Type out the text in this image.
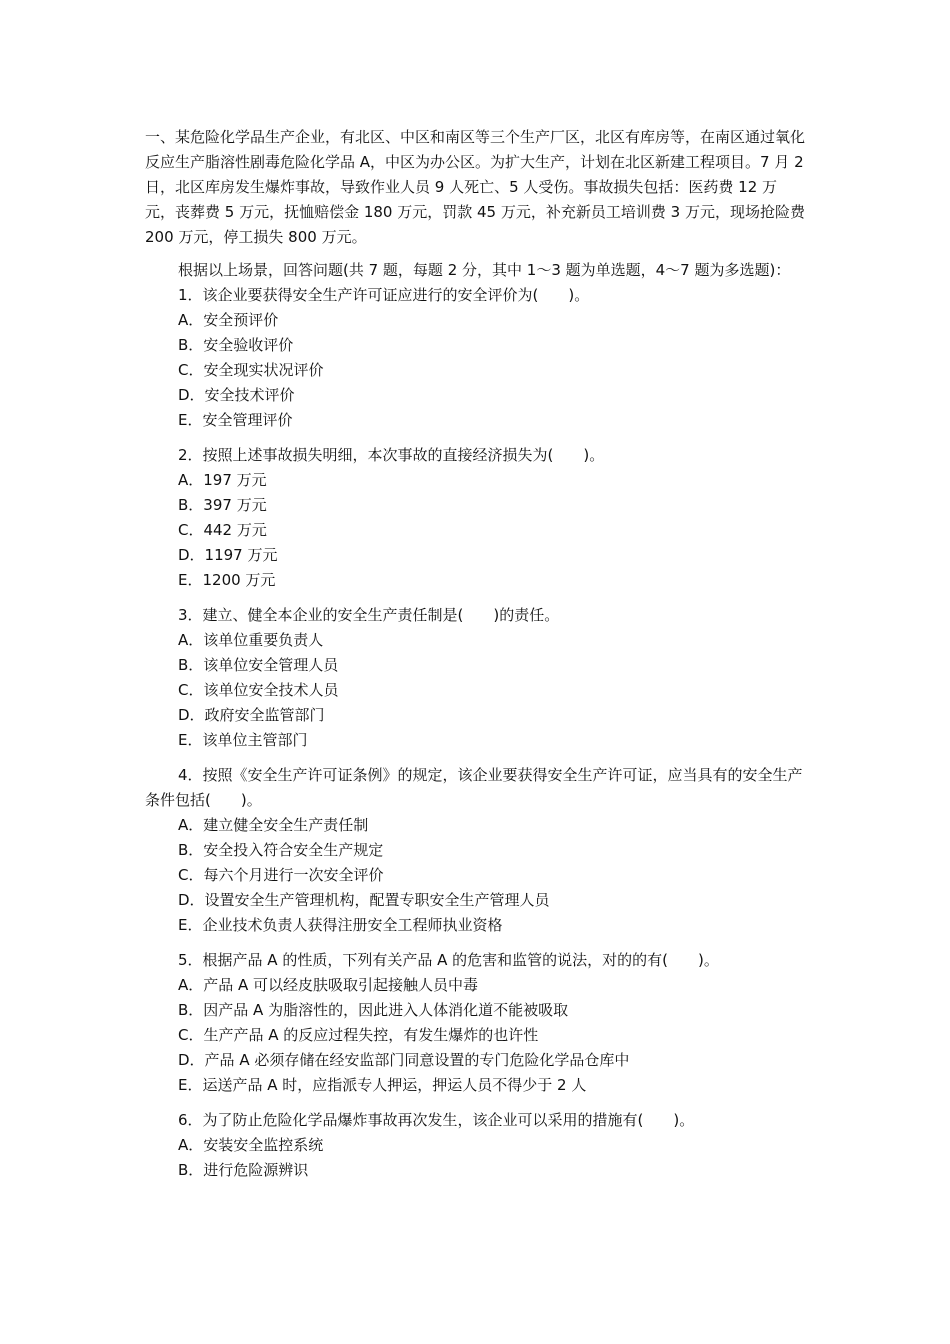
一、某危险化学品生产企业，有北区、中区和南区等三个生产厂区，北区有库房等，在南区通过氧化反应生产脂溶性剧毒危险化学品 A，中区为办公区。为扩大生产，计划在北区新建工程项目。7 月 2 日，北区库房发生爆炸事故，导致作业人员 9 人死亡、5 人受伤。事故损失包括：医药费 12 万元，丧葬费 5 万元，抚恤赔偿金 180 万元，罚款 45 万元，补充新员工培训费 3 万元，现场抢险费 200 万元，停工损失 800 万元。

根据以上场景，回答问题(共 7 题，每题 2 分，其中 1～3 题为单选题，4～7 题为多选题)：

1．该企业要获得安全生产许可证应进行的安全评价为(　　)。

A．安全预评价

B．安全验收评价

C．安全现实状况评价

D．安全技术评价

E．安全管理评价

2．按照上述事故损失明细，本次事故的直接经济损失为(　　)。

A．197 万元

B．397 万元

C．442 万元

D．1197 万元

E．1200 万元

3．建立、健全本企业的安全生产责任制是(　　)的责任。

A．该单位重要负责人

B．该单位安全管理人员

C．该单位安全技术人员

D．政府安全监管部门

E．该单位主管部门

4．按照《安全生产许可证条例》的规定，该企业要获得安全生产许可证，应当具有的安全生产条件包括(　　)。

A．建立健全安全生产责任制

B．安全投入符合安全生产规定

C．每六个月进行一次安全评价

D．设置安全生产管理机构，配置专职安全生产管理人员

E．企业技术负责人获得注册安全工程师执业资格

5．根据产品 A 的性质，下列有关产品 A 的危害和监管的说法，对的的有(　　)。

A．产品 A 可以经皮肤吸取引起接触人员中毒

B．因产品 A 为脂溶性的，因此进入人体消化道不能被吸取

C．生产产品 A 的反应过程失控，有发生爆炸的也许性

D．产品 A 必须存储在经安监部门同意设置的专门危险化学品仓库中

E．运送产品 A 时，应指派专人押运，押运人员不得少于 2 人

6．为了防止危险化学品爆炸事故再次发生，该企业可以采用的措施有(　　)。

A．安装安全监控系统

B．进行危险源辨识
